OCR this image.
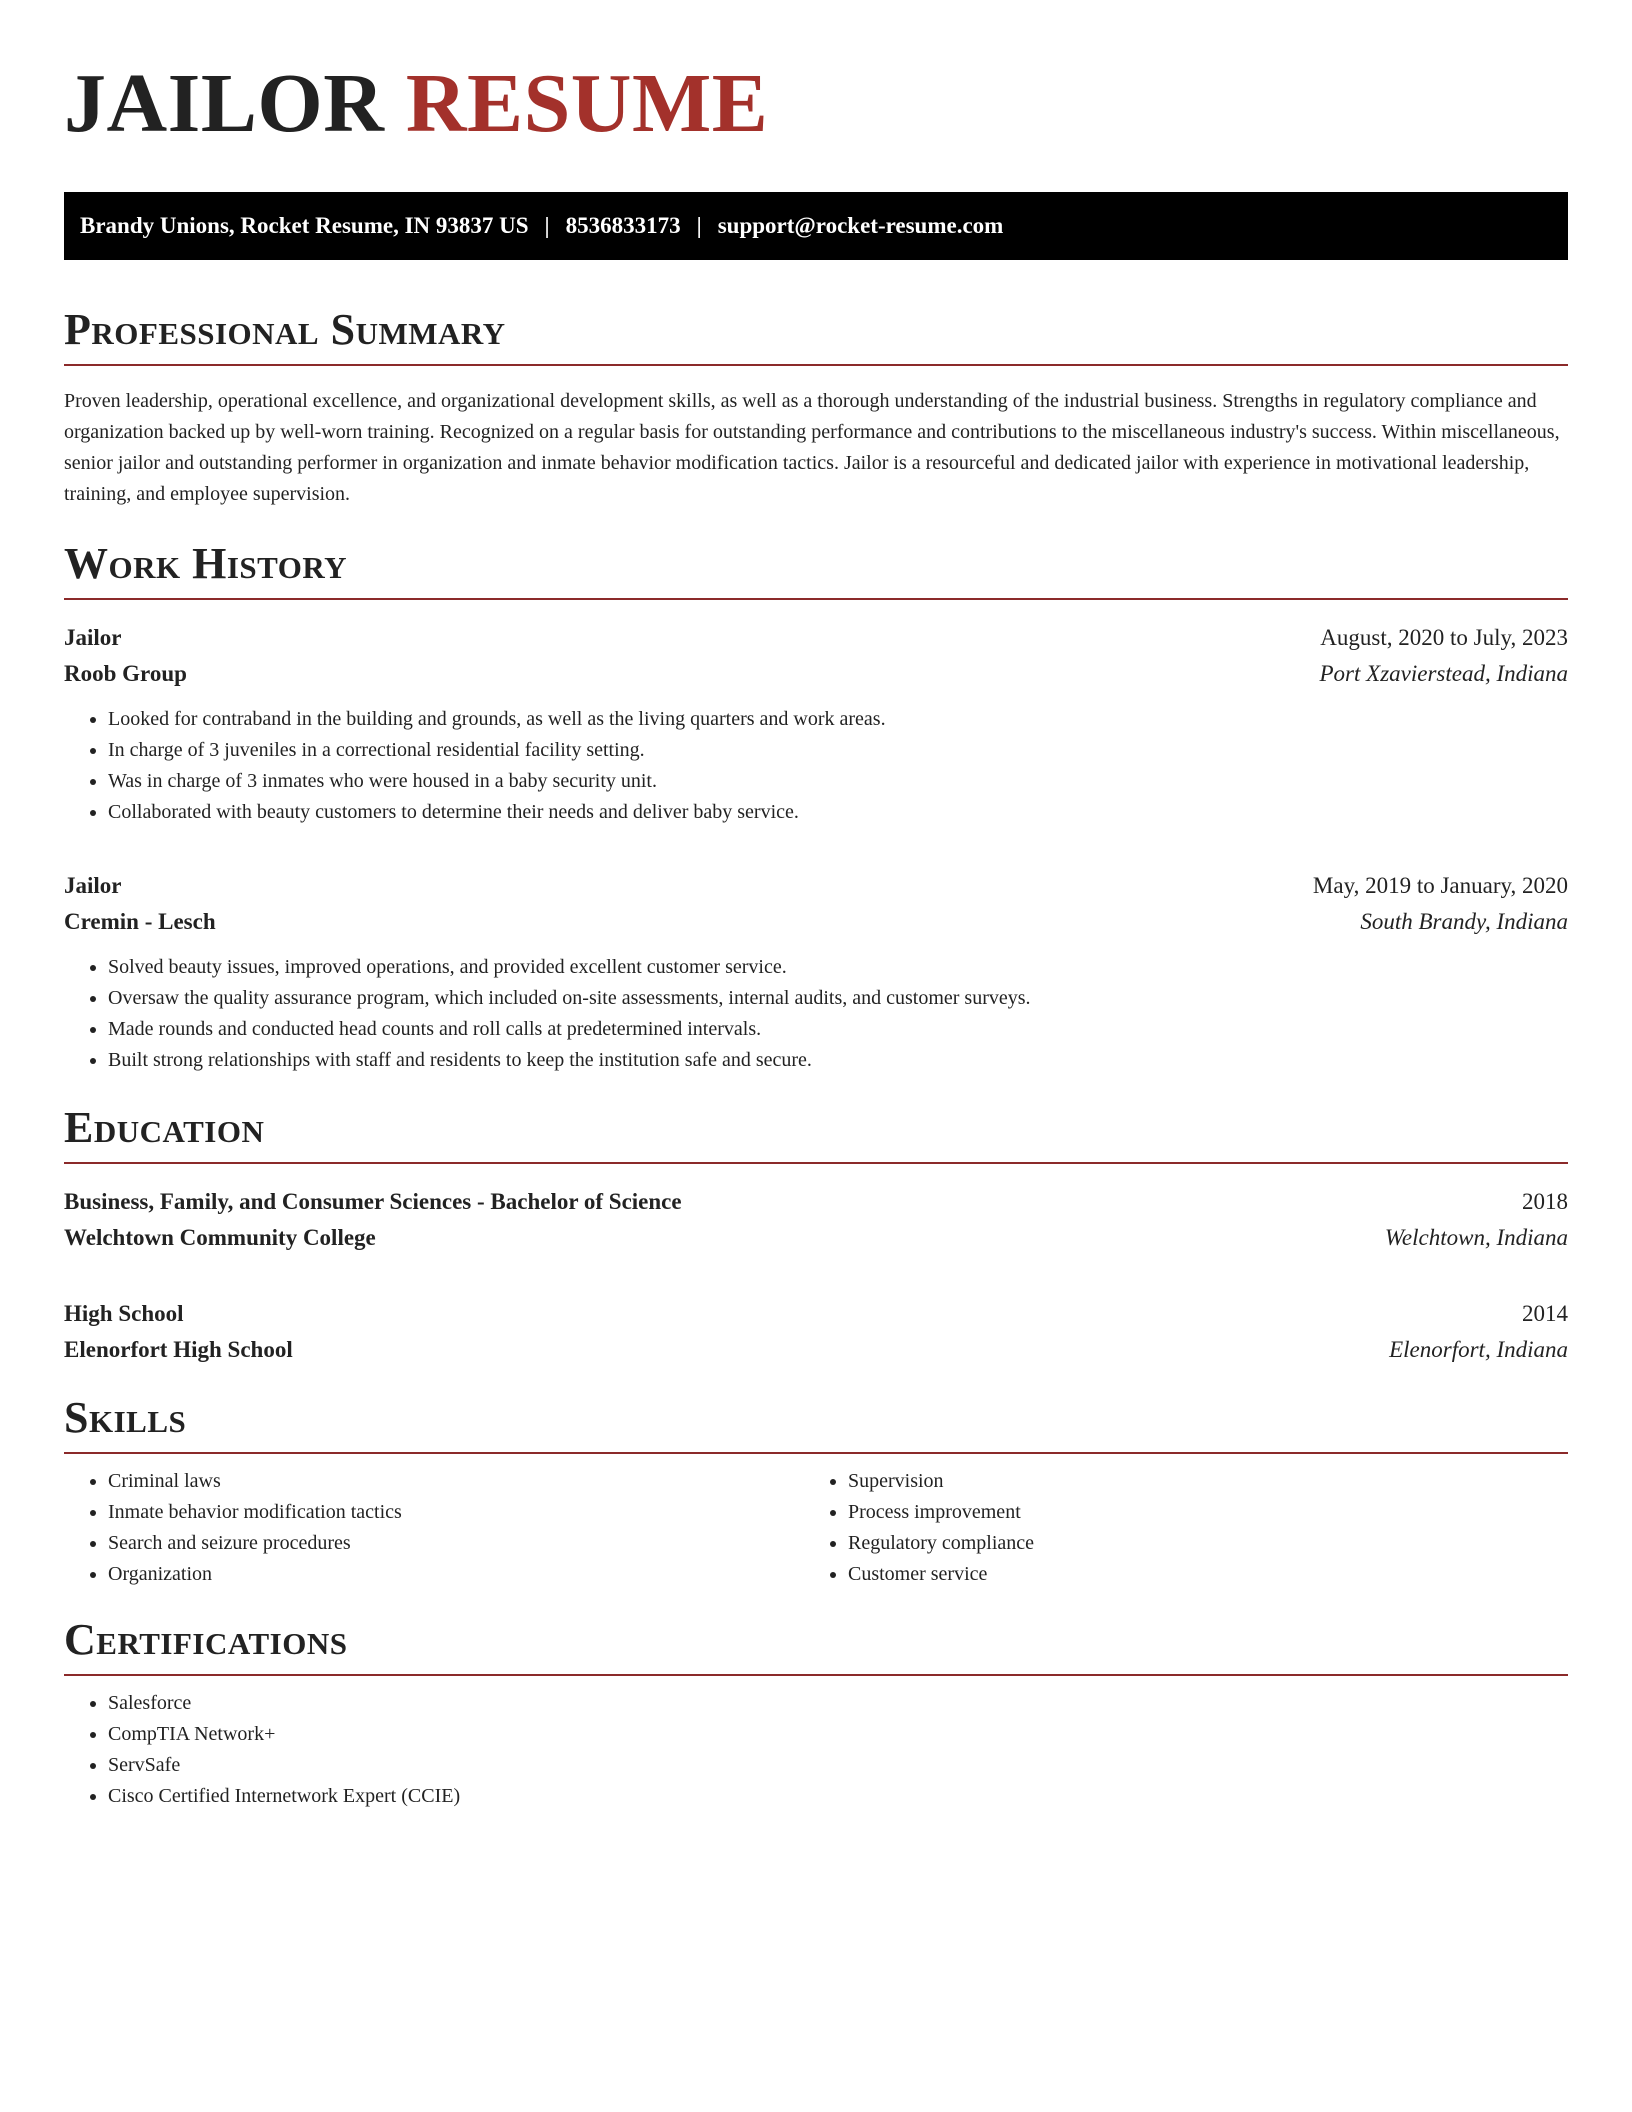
JAILOR RESUME
Brandy Unions, Rocket Resume, IN 93837 US | 8536833173 | support@rocket-resume.com
Professional Summary

Proven leadership, operational excellence, and organizational development skills, as well as a thorough understanding of the industrial business. Strengths in regulatory compliance and organization backed up by well-worn training. Recognized on a regular basis for outstanding performance and contributions to the miscellaneous industry's success. Within miscellaneous, senior jailor and outstanding performer in organization and inmate behavior modification tactics. Jailor is a resourceful and dedicated jailor with experience in motivational leadership, training, and employee supervision.

Work History
Jailor	August, 2020 to July, 2023
Roob Group	Port Xzavierstead, Indiana
• Looked for contraband in the building and grounds, as well as the living quarters and work areas.
• In charge of 3 juveniles in a correctional residential facility setting.
• Was in charge of 3 inmates who were housed in a baby security unit.
• Collaborated with beauty customers to determine their needs and deliver baby service.
Jailor	May, 2019 to January, 2020
Cremin - Lesch	South Brandy, Indiana
• Solved beauty issues, improved operations, and provided excellent customer service.
• Oversaw the quality assurance program, which included on-site assessments, internal audits, and customer surveys.
• Made rounds and conducted head counts and roll calls at predetermined intervals.
• Built strong relationships with staff and residents to keep the institution safe and secure.
Education
Business, Family, and Consumer Sciences - Bachelor of Science	2018
Welchtown Community College	Welchtown, Indiana
High School	2014
Elenorfort High School	Elenorfort, Indiana
Skills
• Criminal laws
• Inmate behavior modification tactics
• Search and seizure procedures
• Organization
• Supervision
• Process improvement
• Regulatory compliance
• Customer service
Certifications
• Salesforce
• CompTIA Network+
• ServSafe
• Cisco Certified Internetwork Expert (CCIE)
